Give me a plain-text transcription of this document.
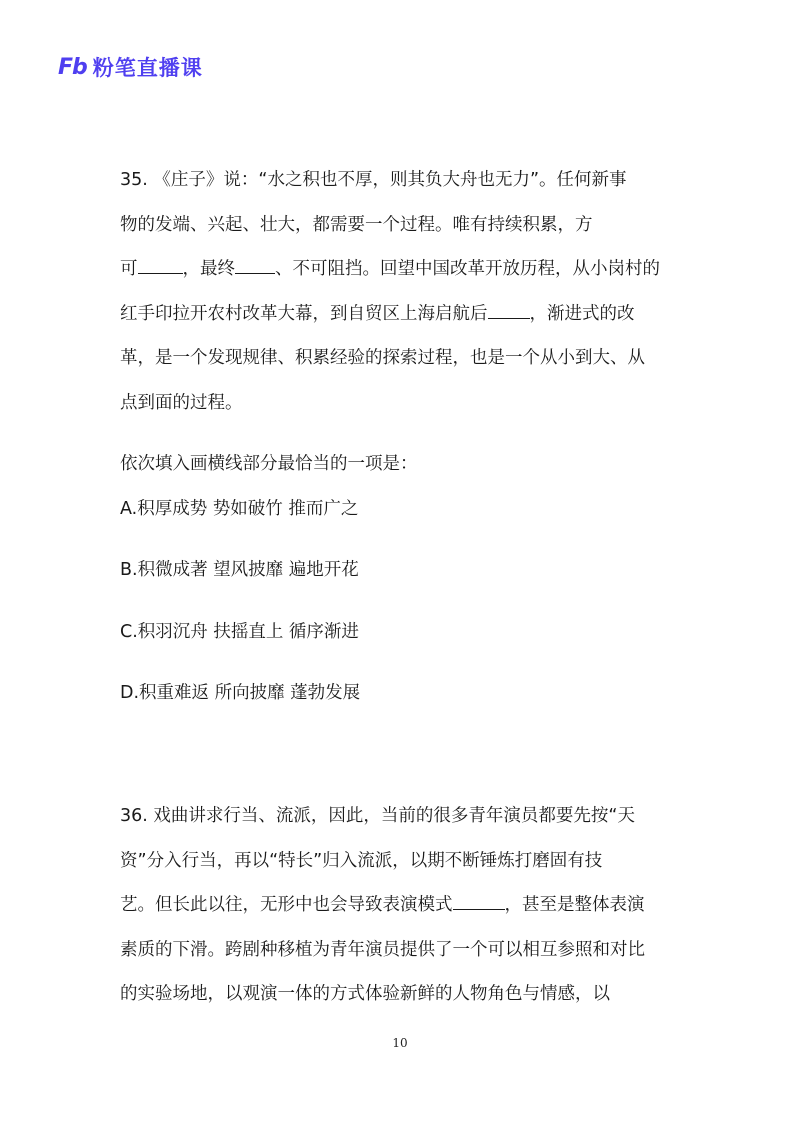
Fb 粉笔直播课

35. 《庄子》说：“水之积也不厚，则其负大舟也无力”。任何新事

物的发端、兴起、壮大，都需要一个过程。唯有持续积累，方

可	，最终 、不可阻挡。回望中国改革开放历程，从小岗村的

红手印拉开农村改革大幕，到自贸区上海启航后 ，渐进式的改

革，是一个发现规律、积累经验的探索过程，也是一个从小到大、从

点到面的过程。

依次填入画横线部分最恰当的一项是：

A.积厚成势 势如破竹 推而广之

B.积微成著 望风披靡 遍地开花

C.积羽沉舟 扶摇直上 循序渐进

D.积重难返 所向披靡 蓬勃发展

36. 戏曲讲求行当、流派，因此，当前的很多青年演员都要先按“天

资”分入行当，再以“特长”归入流派，以期不断锤炼打磨固有技

艺。但长此以往，无形中也会导致表演模式	，甚至是整体表演

素质的下滑。跨剧种移植为青年演员提供了一个可以相互参照和对比

的实验场地，以观演一体的方式体验新鲜的人物角色与情感，以

10
